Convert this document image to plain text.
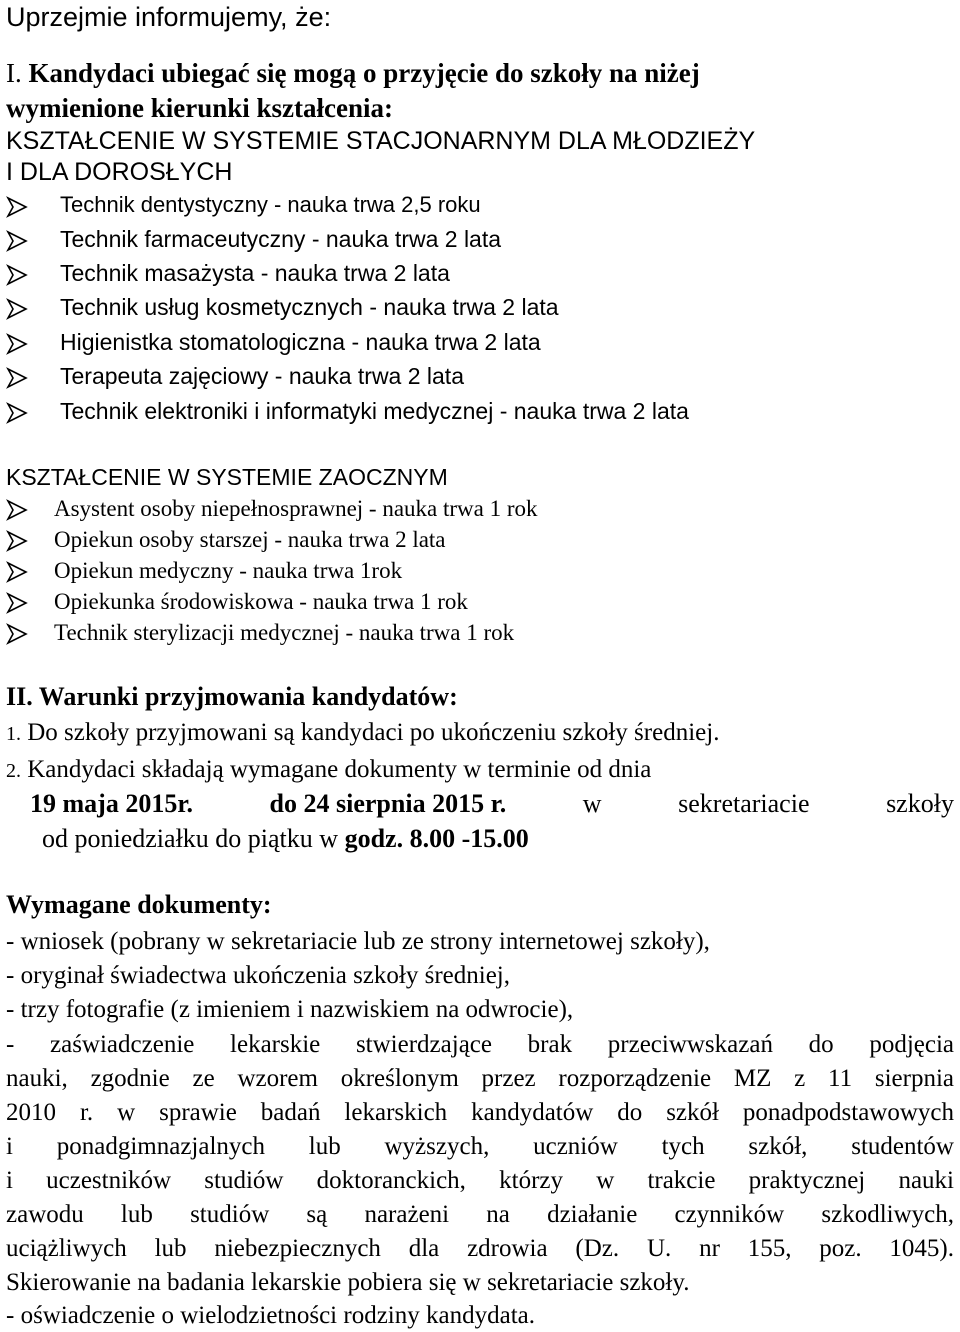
Uprzejmie informujemy, że:
I. Kandydaci ubiegać się mogą o przyjęcie do szkoły na niżej
wymienione kierunki kształcenia:
KSZTAŁCENIE W SYSTEMIE STACJONARNYM DLA MŁODZIEŻY
I DLA DOROSŁYCH
Technik dentystyczny - nauka trwa 2,5 roku
Technik farmaceutyczny - nauka trwa 2 lata
Technik masażysta - nauka trwa 2 lata
Technik usług kosmetycznych - nauka trwa 2 lata
Higienistka stomatologiczna - nauka trwa 2 lata
Terapeuta zajęciowy - nauka trwa 2 lata
Technik elektroniki i informatyki medycznej - nauka trwa 2 lata
KSZTAŁCENIE W SYSTEMIE ZAOCZNYM
Asystent osoby niepełnosprawnej - nauka trwa 1 rok
Opiekun osoby starszej - nauka trwa 2 lata
Opiekun medyczny - nauka trwa 1rok
Opiekunka środowiskowa - nauka trwa 1 rok
Technik sterylizacji medycznej - nauka trwa 1 rok
II. Warunki przyjmowania kandydatów:
1. Do szkoły przyjmowani są kandydaci po ukończeniu szkoły średniej.
2. Kandydaci składają wymagane dokumenty w terminie od dnia
19 maja 2015r.	do 24 sierpnia 2015 r.	w	sekretariacie	szkoły
od poniedziałku do piątku w godz. 8.00 -15.00
Wymagane dokumenty:
- wniosek (pobrany w sekretariacie lub ze strony internetowej szkoły),
- oryginał świadectwa ukończenia szkoły średniej,
- trzy fotografie (z imieniem i nazwiskiem na odwrocie),
- zaświadczenie lekarskie stwierdzające brak przeciwwskazań do podjęcia
nauki, zgodnie ze wzorem określonym przez rozporządzenie MZ z 11 sierpnia
2010 r. w sprawie badań lekarskich kandydatów do szkół ponadpodstawowych
i ponadgimnazjalnych lub wyższych, uczniów tych szkół, studentów
i uczestników studiów doktoranckich, którzy w trakcie praktycznej nauki
zawodu lub studiów są narażeni na działanie czynników szkodliwych,
uciążliwych lub niebezpiecznych dla zdrowia (Dz. U. nr 155, poz. 1045).
Skierowanie na badania lekarskie pobiera się w sekretariacie szkoły.
- oświadczenie o wielodzietności rodziny kandydata.
